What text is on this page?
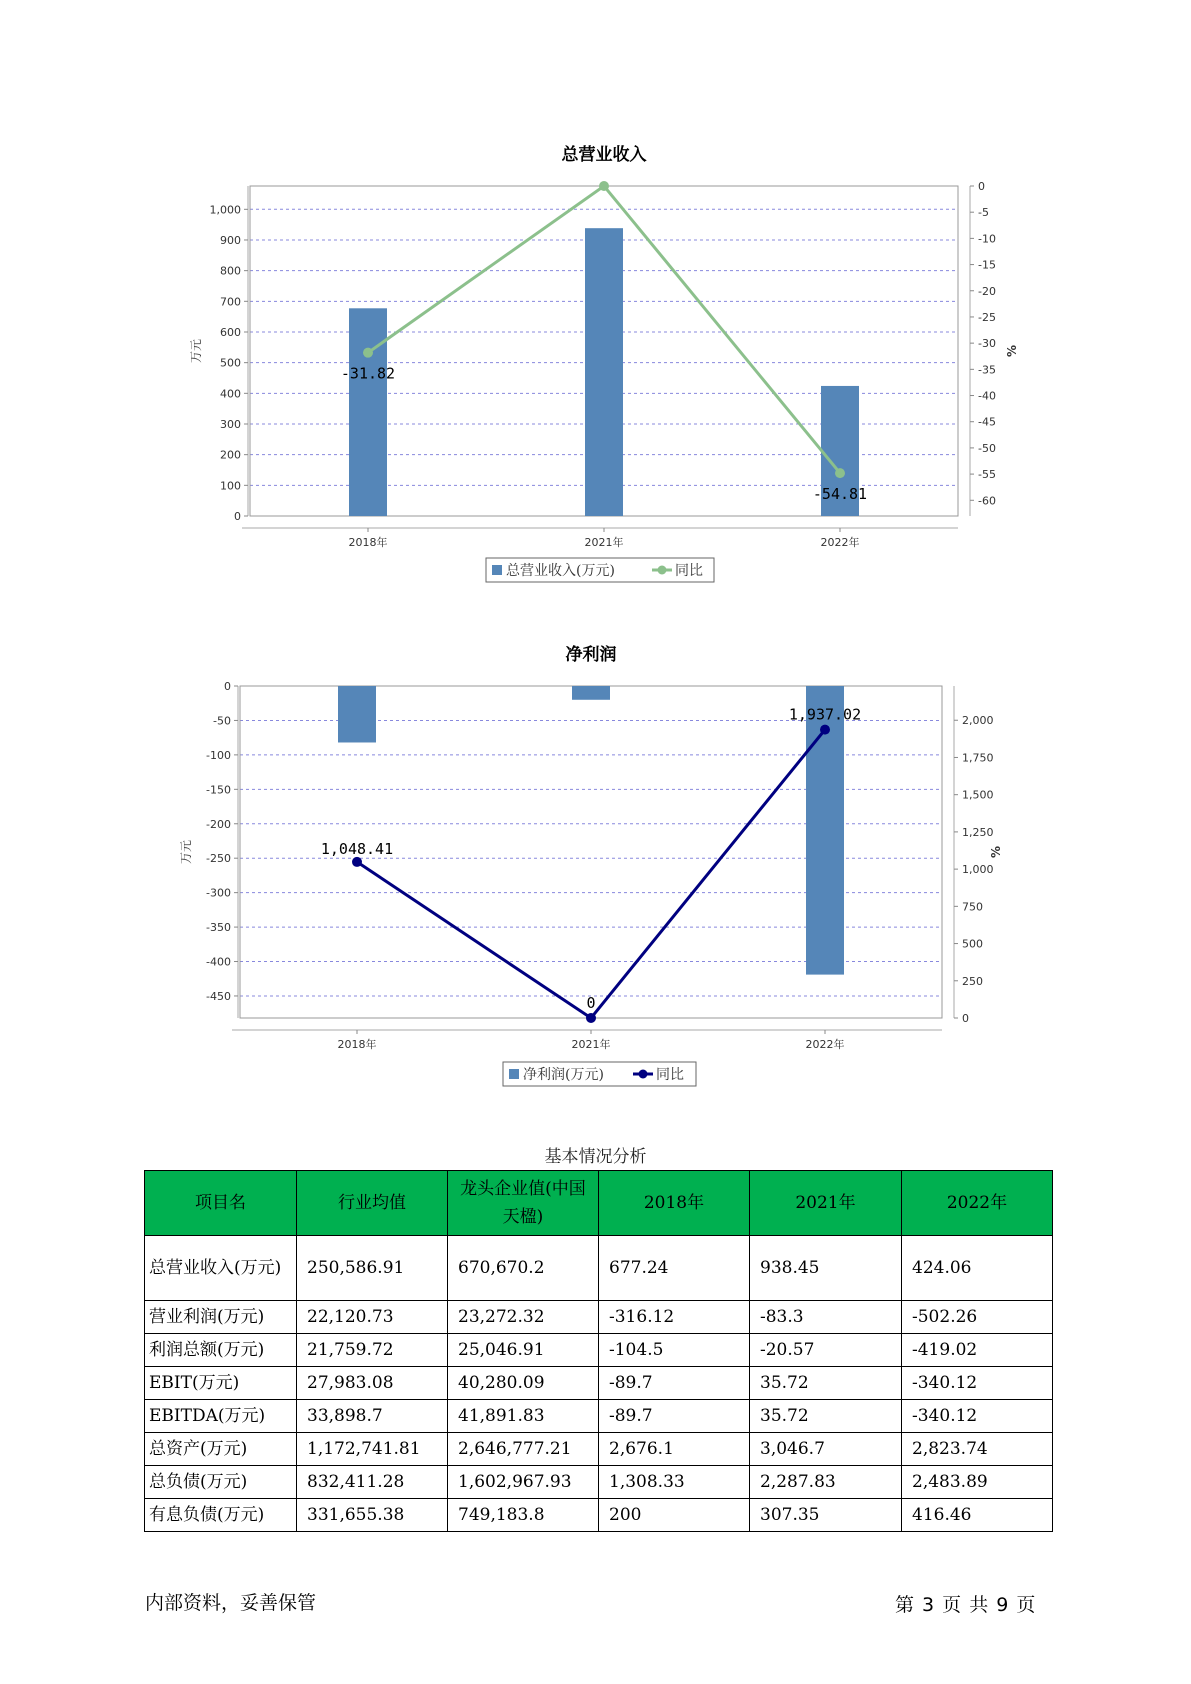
总营业收入
0
100
200
300
400
500
600
700
800
900
1,000
0
-5
-10
-15
-20
-25
-30
-35
-40
-45
-50
-55
-60
万元	%
2018年	2021年	2022年
-31.82
-54.81
总营业收入(万元)	同比
净利润
0
-50
-100
-150
-200
-250
-300
-350
-400
-450
0
250
500
750
1,000
1,250
1,500
1,750
2,000
万元	%
2018年	2021年	2022年
1,048.41
0
1,937.02
净利润(万元)	同比
基本情况分析
项目名	行业均值	龙头企业值(中国天楹)	2018年	2021年	2022年
总营业收入(万元)	250,586.91	670,670.2	677.24	938.45	424.06
营业利润(万元)	22,120.73	23,272.32	-316.12	-83.3	-502.26
利润总额(万元)	21,759.72	25,046.91	-104.5	-20.57	-419.02
EBIT(万元)	27,983.08	40,280.09	-89.7	35.72	-340.12
EBITDA(万元)	33,898.7	41,891.83	-89.7	35.72	-340.12
总资产(万元)	1,172,741.81	2,646,777.21	2,676.1	3,046.7	2,823.74
总负债(万元)	832,411.28	1,602,967.93	1,308.33	2,287.83	2,483.89
有息负债(万元)	331,655.38	749,183.8	200	307.35	416.46
内部资料，妥善保管	第 3 页 共 9 页
